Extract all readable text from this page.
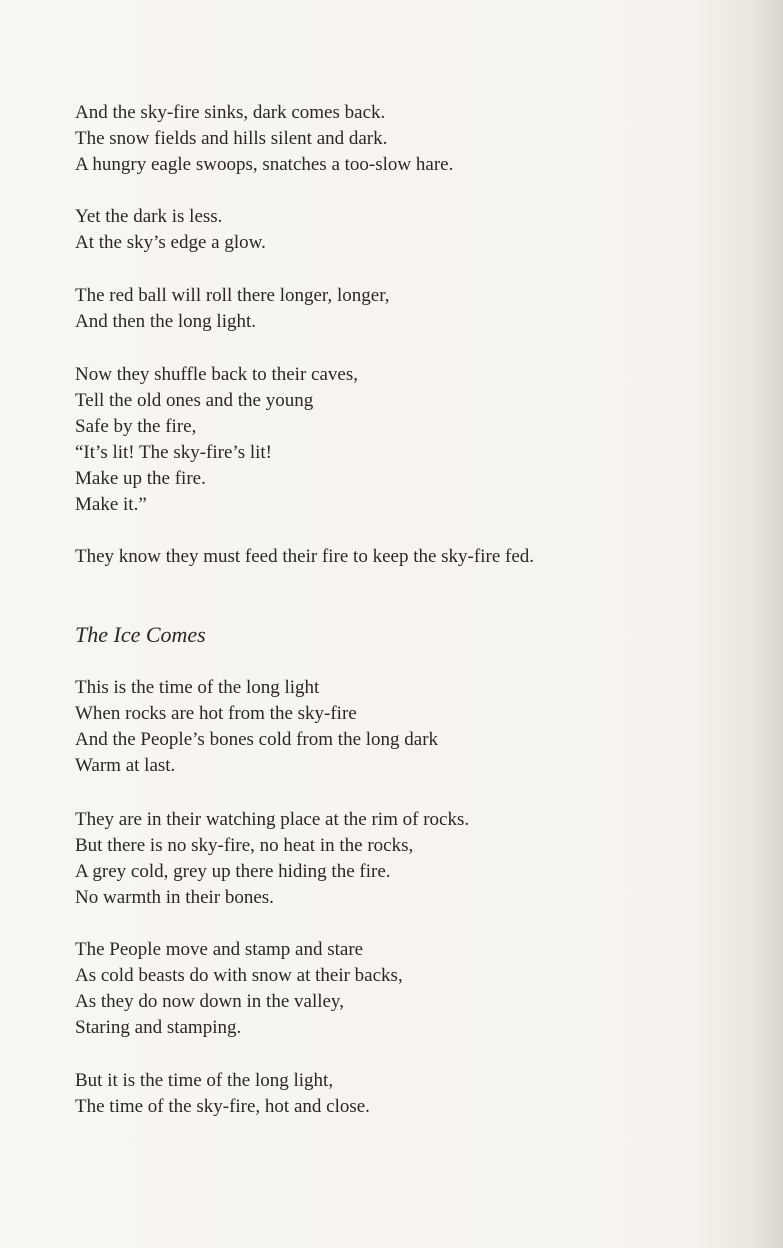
And the sky-fire sinks, dark comes back.
The snow fields and hills silent and dark.
A hungry eagle swoops, snatches a too-slow hare.
Yet the dark is less.
At the sky’s edge a glow.
The red ball will roll there longer, longer,
And then the long light.
Now they shuffle back to their caves,
Tell the old ones and the young
Safe by the fire,
“It’s lit! The sky-fire’s lit!
Make up the fire.
Make it.”
They know they must feed their fire to keep the sky-fire fed.
The Ice Comes
This is the time of the long light
When rocks are hot from the sky-fire
And the People’s bones cold from the long dark
Warm at last.
They are in their watching place at the rim of rocks.
But there is no sky-fire, no heat in the rocks,
A grey cold, grey up there hiding the fire.
No warmth in their bones.
The People move and stamp and stare
As cold beasts do with snow at their backs,
As they do now down in the valley,
Staring and stamping.
But it is the time of the long light,
The time of the sky-fire, hot and close.
